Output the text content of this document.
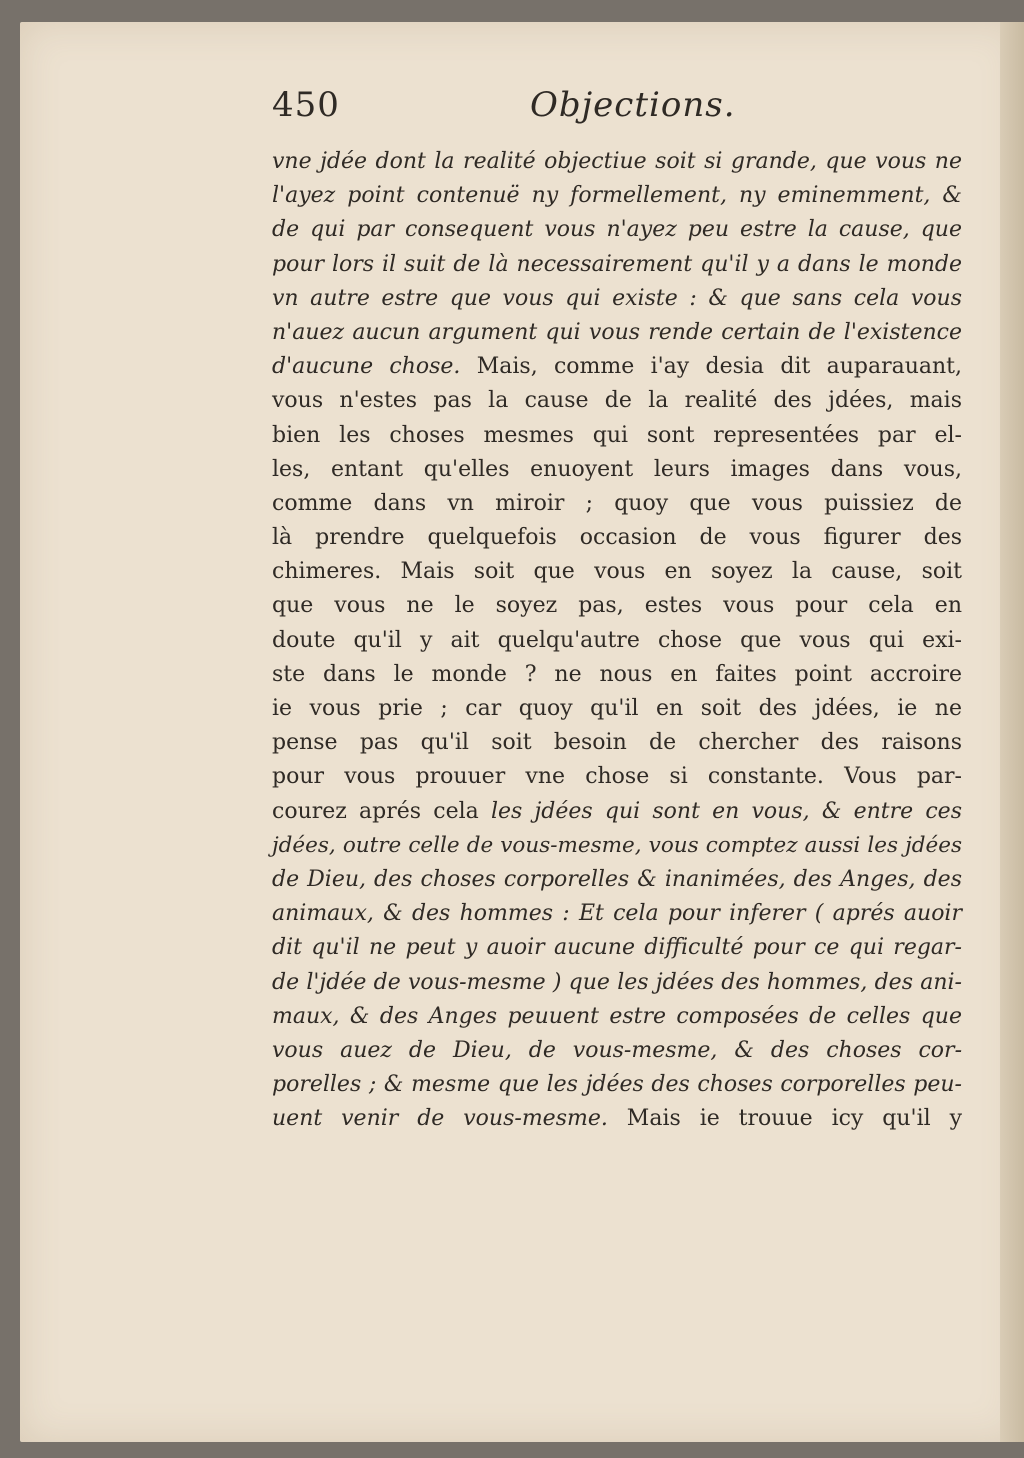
450	Objections.
vne jdée dont la realité objectiue soit si grande, que vous ne
l'ayez point contenuë ny formellement, ny eminemment, &
de qui par consequent vous n'ayez peu estre la cause, que
pour lors il suit de là necessairement qu'il y a dans le monde
vn autre estre que vous qui existe : & que sans cela vous
n'auez aucun argument qui vous rende certain de l'existence
d'aucune chose. Mais, comme i'ay desia dit auparauant,
vous n'estes pas la cause de la realité des jdées, mais
bien les choses mesmes qui sont representées par el-
les, entant qu'elles enuoyent leurs images dans vous,
comme dans vn miroir ; quoy que vous puissiez de
là prendre quelquefois occasion de vous figurer des
chimeres. Mais soit que vous en soyez la cause, soit
que vous ne le soyez pas, estes vous pour cela en
doute qu'il y ait quelqu'autre chose que vous qui exi-
ste dans le monde ? ne nous en faites point accroire
ie vous prie ; car quoy qu'il en soit des jdées, ie ne
pense pas qu'il soit besoin de chercher des raisons
pour vous prouuer vne chose si constante. Vous par-
courez aprés cela les jdées qui sont en vous, & entre ces
jdées, outre celle de vous-mesme, vous comptez aussi les jdées
de Dieu, des choses corporelles & inanimées, des Anges, des
animaux, & des hommes : Et cela pour inferer ( aprés auoir
dit qu'il ne peut y auoir aucune difficulté pour ce qui regar-
de l'jdée de vous-mesme ) que les jdées des hommes, des ani-
maux, & des Anges peuuent estre composées de celles que
vous auez de Dieu, de vous-mesme, & des choses cor-
porelles ; & mesme que les jdées des choses corporelles peu-
uent venir de vous-mesme. Mais ie trouue icy qu'il y
